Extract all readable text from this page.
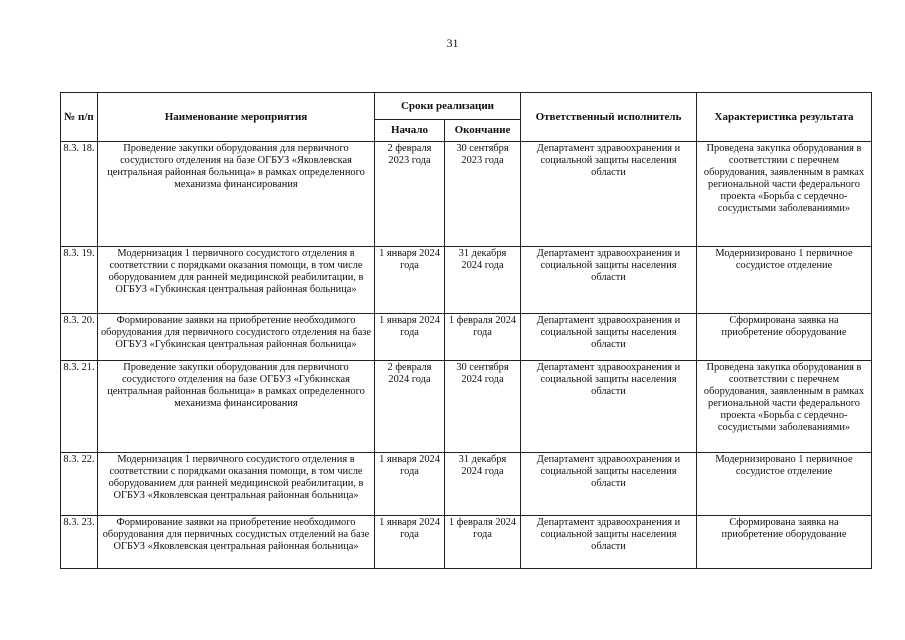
31
№ п/п	Наименование мероприятия	Сроки реализации		Ответственный исполнитель	Характеристика результата
		Начало	Окончание		
8.3. 18.	Проведение закупки оборудования для первичного сосудистого отделения на базе ОГБУЗ «Яковлевская центральная районная больница» в рамках определенного механизма финансирования	2 февраля 2023 года	30 сентября 2023 года	Департамент здравоохранения и социальной защиты населения области	Проведена закупка оборудования в соответствии с перечнем оборудования, заявленным в рамках региональной части федерального проекта «Борьба с сердечно-сосудистыми заболеваниями»
8.3. 19.	Модернизация 1 первичного сосудистого отделения в соответствии с порядками оказания помощи, в том числе оборудованием для ранней медицинской реабилитации, в ОГБУЗ «Губкинская центральная районная больница»	1 января 2024 года	31 декабря 2024 года	Департамент здравоохранения и социальной защиты населения области	Модернизировано 1 первичное сосудистое отделение
8.3. 20.	Формирование заявки на приобретение необходимого оборудования для первичного сосудистого отделения на базе ОГБУЗ «Губкинская центральная районная больница»	1 января 2024 года	1 февраля 2024 года	Департамент здравоохранения и социальной защиты населения области	Сформирована заявка на приобретение оборудование
8.3. 21.	Проведение закупки оборудования для первичного сосудистого отделения на базе ОГБУЗ «Губкинская центральная районная больница» в рамках определенного механизма финансирования	2 февраля 2024 года	30 сентября 2024 года	Департамент здравоохранения и социальной защиты населения области	Проведена закупка оборудования в соответствии с перечнем оборудования, заявленным в рамках региональной части федерального проекта «Борьба с сердечно-сосудистыми заболеваниями»
8.3. 22.	Модернизация 1 первичного сосудистого отделения в соответствии с порядками оказания помощи, в том числе оборудованием для ранней медицинской реабилитации, в ОГБУЗ «Яковлевская центральная районная больница»	1 января 2024 года	31 декабря 2024 года	Департамент здравоохранения и социальной защиты населения области	Модернизировано 1 первичное сосудистое отделение
8.3. 23.	Формирование заявки на приобретение необходимого оборудования для первичных сосудистых отделений на базе ОГБУЗ «Яковлевская центральная районная больница»	1 января 2024 года	1 февраля 2024 года	Департамент здравоохранения и социальной защиты населения области	Сформирована заявка на приобретение оборудование
